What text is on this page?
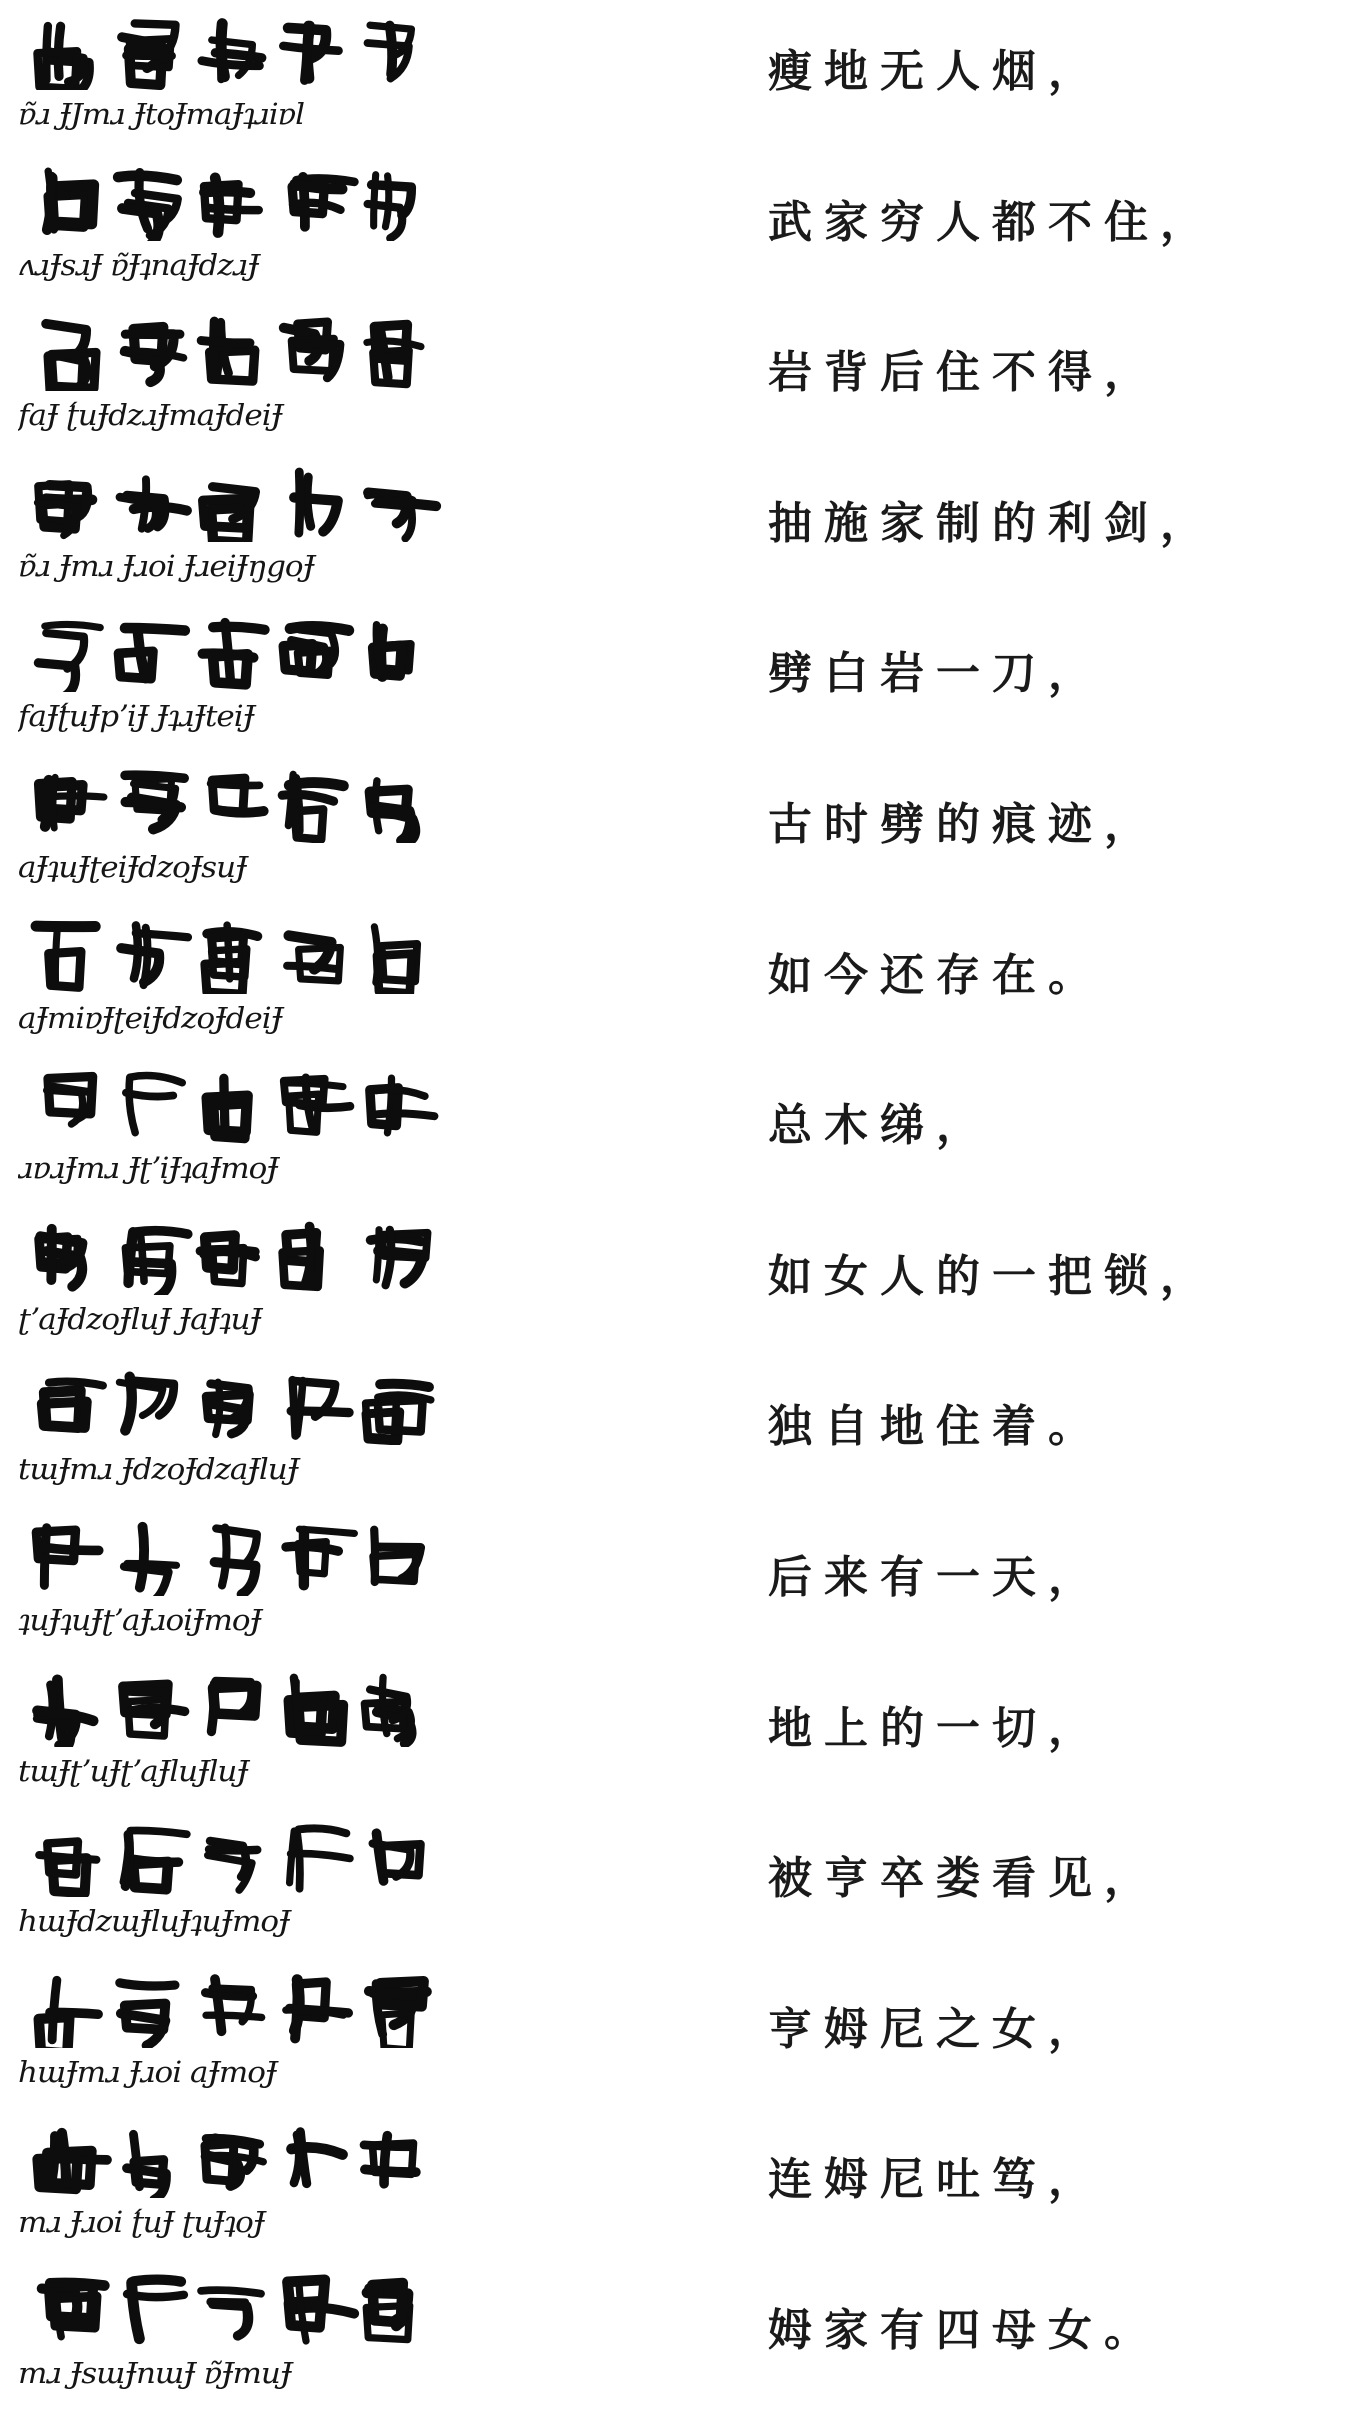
ɐ̃ɹ ɈJmɹ ɈtoɈmaɈʇɹiɐl
瘦地无人烟，
ʌɹɈsɹɈ ɐ̃ɈʇnaɈdzɹɈ
武家穷人都不住，
faɈ ʈ́uɈdzɹɈmaɈdeiɈ
岩背后住不得，
ɐ̃ɹ Ɉmɹ Ɉɹoi ɈɹeiɈŋgoɈ
抽施家制的利剑，
faɈʈ́uɈpʼiɈ ɈʇɹɈteiɈ
劈白岩一刀，
aɈʇuɈʈeiɈdzoɈsuɈ
古时劈的痕迹，
aɈmiɐɈʈeiɈdzoɈdeiɈ
如今还存在。
ɹɐɹɈmɹ ɈʈʼiɈʇaɈmoɈ
总木绨，
ʈʼaɈdzoɈluɈ ɈaɈʇuɈ
如女人的一把锁，
tɯɈmɹ ɈdzoɈdzaɈluɈ
独自地住着。
ʇuɈʇuɈʈʼaɈɹoiɈmoɈ
后来有一天，
tɯɈʈʼuɈʈʼaɈluɈluɈ
地上的一切，
hɯɈdzɯɈluɈʇuɈmoɈ
被亨卒娄看见，
hɯɈmɹ Ɉɹoi aɈmoɈ
亨姆尼之女，
mɹ Ɉɹoi ʈ́uɈ ʈuɈʇoɈ
连姆尼吐笃，
mɹ ɈsɯɈnɯɈ ɐ̃ɈmuɈ
姆家有四母女。
